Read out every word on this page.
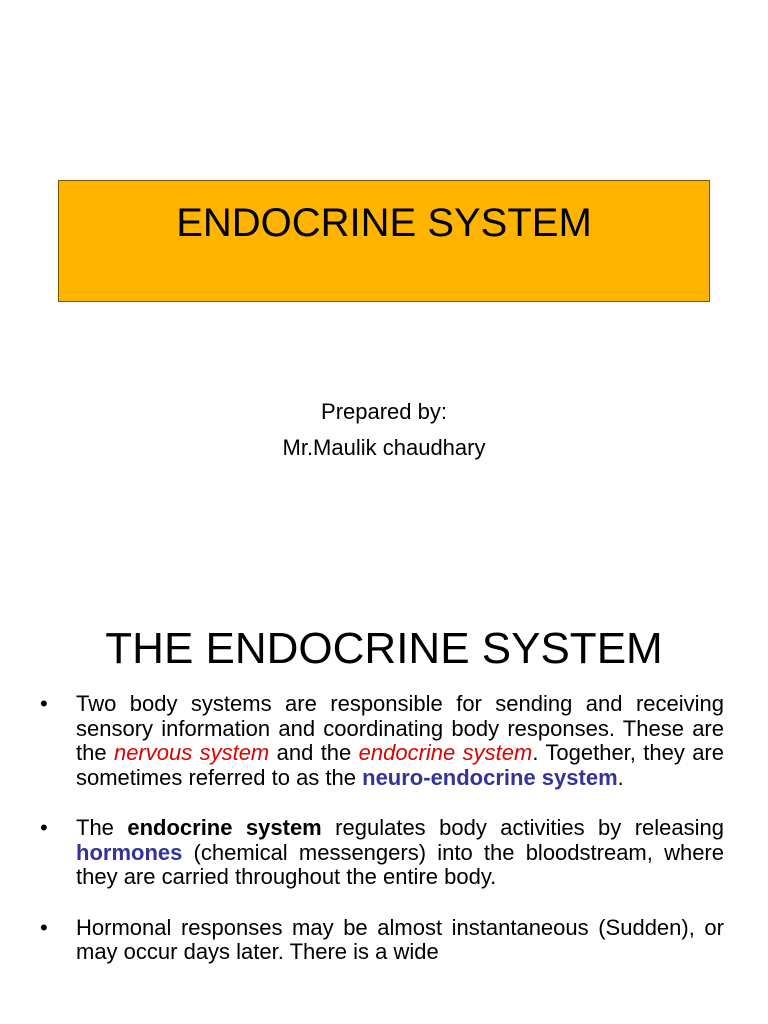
ENDOCRINE SYSTEM
Prepared by:
Mr.Maulik chaudhary
THE ENDOCRINE SYSTEM
• Two body systems are responsible for sending and receiving sensory information and coordinating body responses. These are the nervous system and the endocrine system. Together, they are sometimes referred to as the neuro-endocrine system.
• The endocrine system regulates body activities by releasing hormones (chemical messengers) into the bloodstream, where they are carried throughout the entire body.
• Hormonal responses may be almost instantaneous (Sudden), or may occur days later. There is a wide
